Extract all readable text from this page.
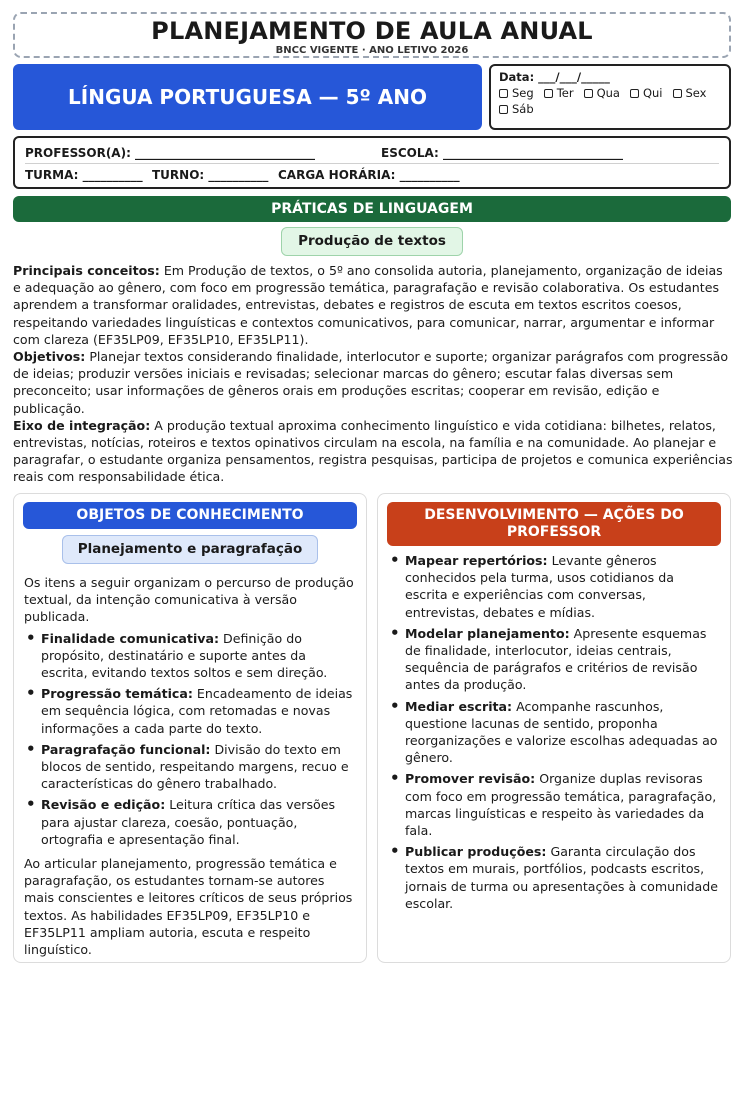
PLANEJAMENTO DE AULA ANUAL
BNCC VIGENTE · ANO LETIVO 2026
LÍNGUA PORTUGUESA — 5º ANO
Data: ___/___/_____
Seg Ter Qua Qui Sex
Sáb
PROFESSOR(A): ______________________________	ESCOLA: ______________________________
TURMA: __________ TURNO: __________ CARGA HORÁRIA: __________
PRÁTICAS DE LINGUAGEM
Produção de textos

Principais conceitos: Em Produção de textos, o 5º ano consolida autoria, planejamento, organização de ideias e adequação ao gênero, com foco em progressão temática, paragrafação e revisão colaborativa. Os estudantes aprendem a transformar oralidades, entrevistas, debates e registros de escuta em textos escritos coesos, respeitando variedades linguísticas e contextos comunicativos, para comunicar, narrar, argumentar e informar com clareza (EF35LP09, EF35LP10, EF35LP11).

Objetivos: Planejar textos considerando finalidade, interlocutor e suporte; organizar parágrafos com progressão de ideias; produzir versões iniciais e revisadas; selecionar marcas do gênero; escutar falas diversas sem preconceito; usar informações de gêneros orais em produções escritas; cooperar em revisão, edição e publicação.

Eixo de integração: A produção textual aproxima conhecimento linguístico e vida cotidiana: bilhetes, relatos, entrevistas, notícias, roteiros e textos opinativos circulam na escola, na família e na comunidade. Ao planejar e paragrafar, o estudante organiza pensamentos, registra pesquisas, participa de projetos e comunica experiências reais com responsabilidade ética.

OBJETOS DE CONHECIMENTO
Planejamento e paragrafação

Os itens a seguir organizam o percurso de produção textual, da intenção comunicativa à versão publicada.

• Finalidade comunicativa: Definição do propósito, destinatário e suporte antes da escrita, evitando textos soltos e sem direção.
• Progressão temática: Encadeamento de ideias em sequência lógica, com retomadas e novas informações a cada parte do texto.
• Paragrafação funcional: Divisão do texto em blocos de sentido, respeitando margens, recuo e características do gênero trabalhado.
• Revisão e edição: Leitura crítica das versões para ajustar clareza, coesão, pontuação, ortografia e apresentação final.

Ao articular planejamento, progressão temática e paragrafação, os estudantes tornam-se autores mais conscientes e leitores críticos de seus próprios textos. As habilidades EF35LP09, EF35LP10 e EF35LP11 ampliam autoria, escuta e respeito linguístico.

DESENVOLVIMENTO — AÇÕES DO PROFESSOR
• Mapear repertórios: Levante gêneros conhecidos pela turma, usos cotidianos da escrita e experiências com conversas, entrevistas, debates e mídias.
• Modelar planejamento: Apresente esquemas de finalidade, interlocutor, ideias centrais, sequência de parágrafos e critérios de revisão antes da produção.
• Mediar escrita: Acompanhe rascunhos, questione lacunas de sentido, proponha reorganizações e valorize escolhas adequadas ao gênero.
• Promover revisão: Organize duplas revisoras com foco em progressão temática, paragrafação, marcas linguísticas e respeito às variedades da fala.
• Publicar produções: Garanta circulação dos textos em murais, portfólios, podcasts escritos, jornais de turma ou apresentações à comunidade escolar.
